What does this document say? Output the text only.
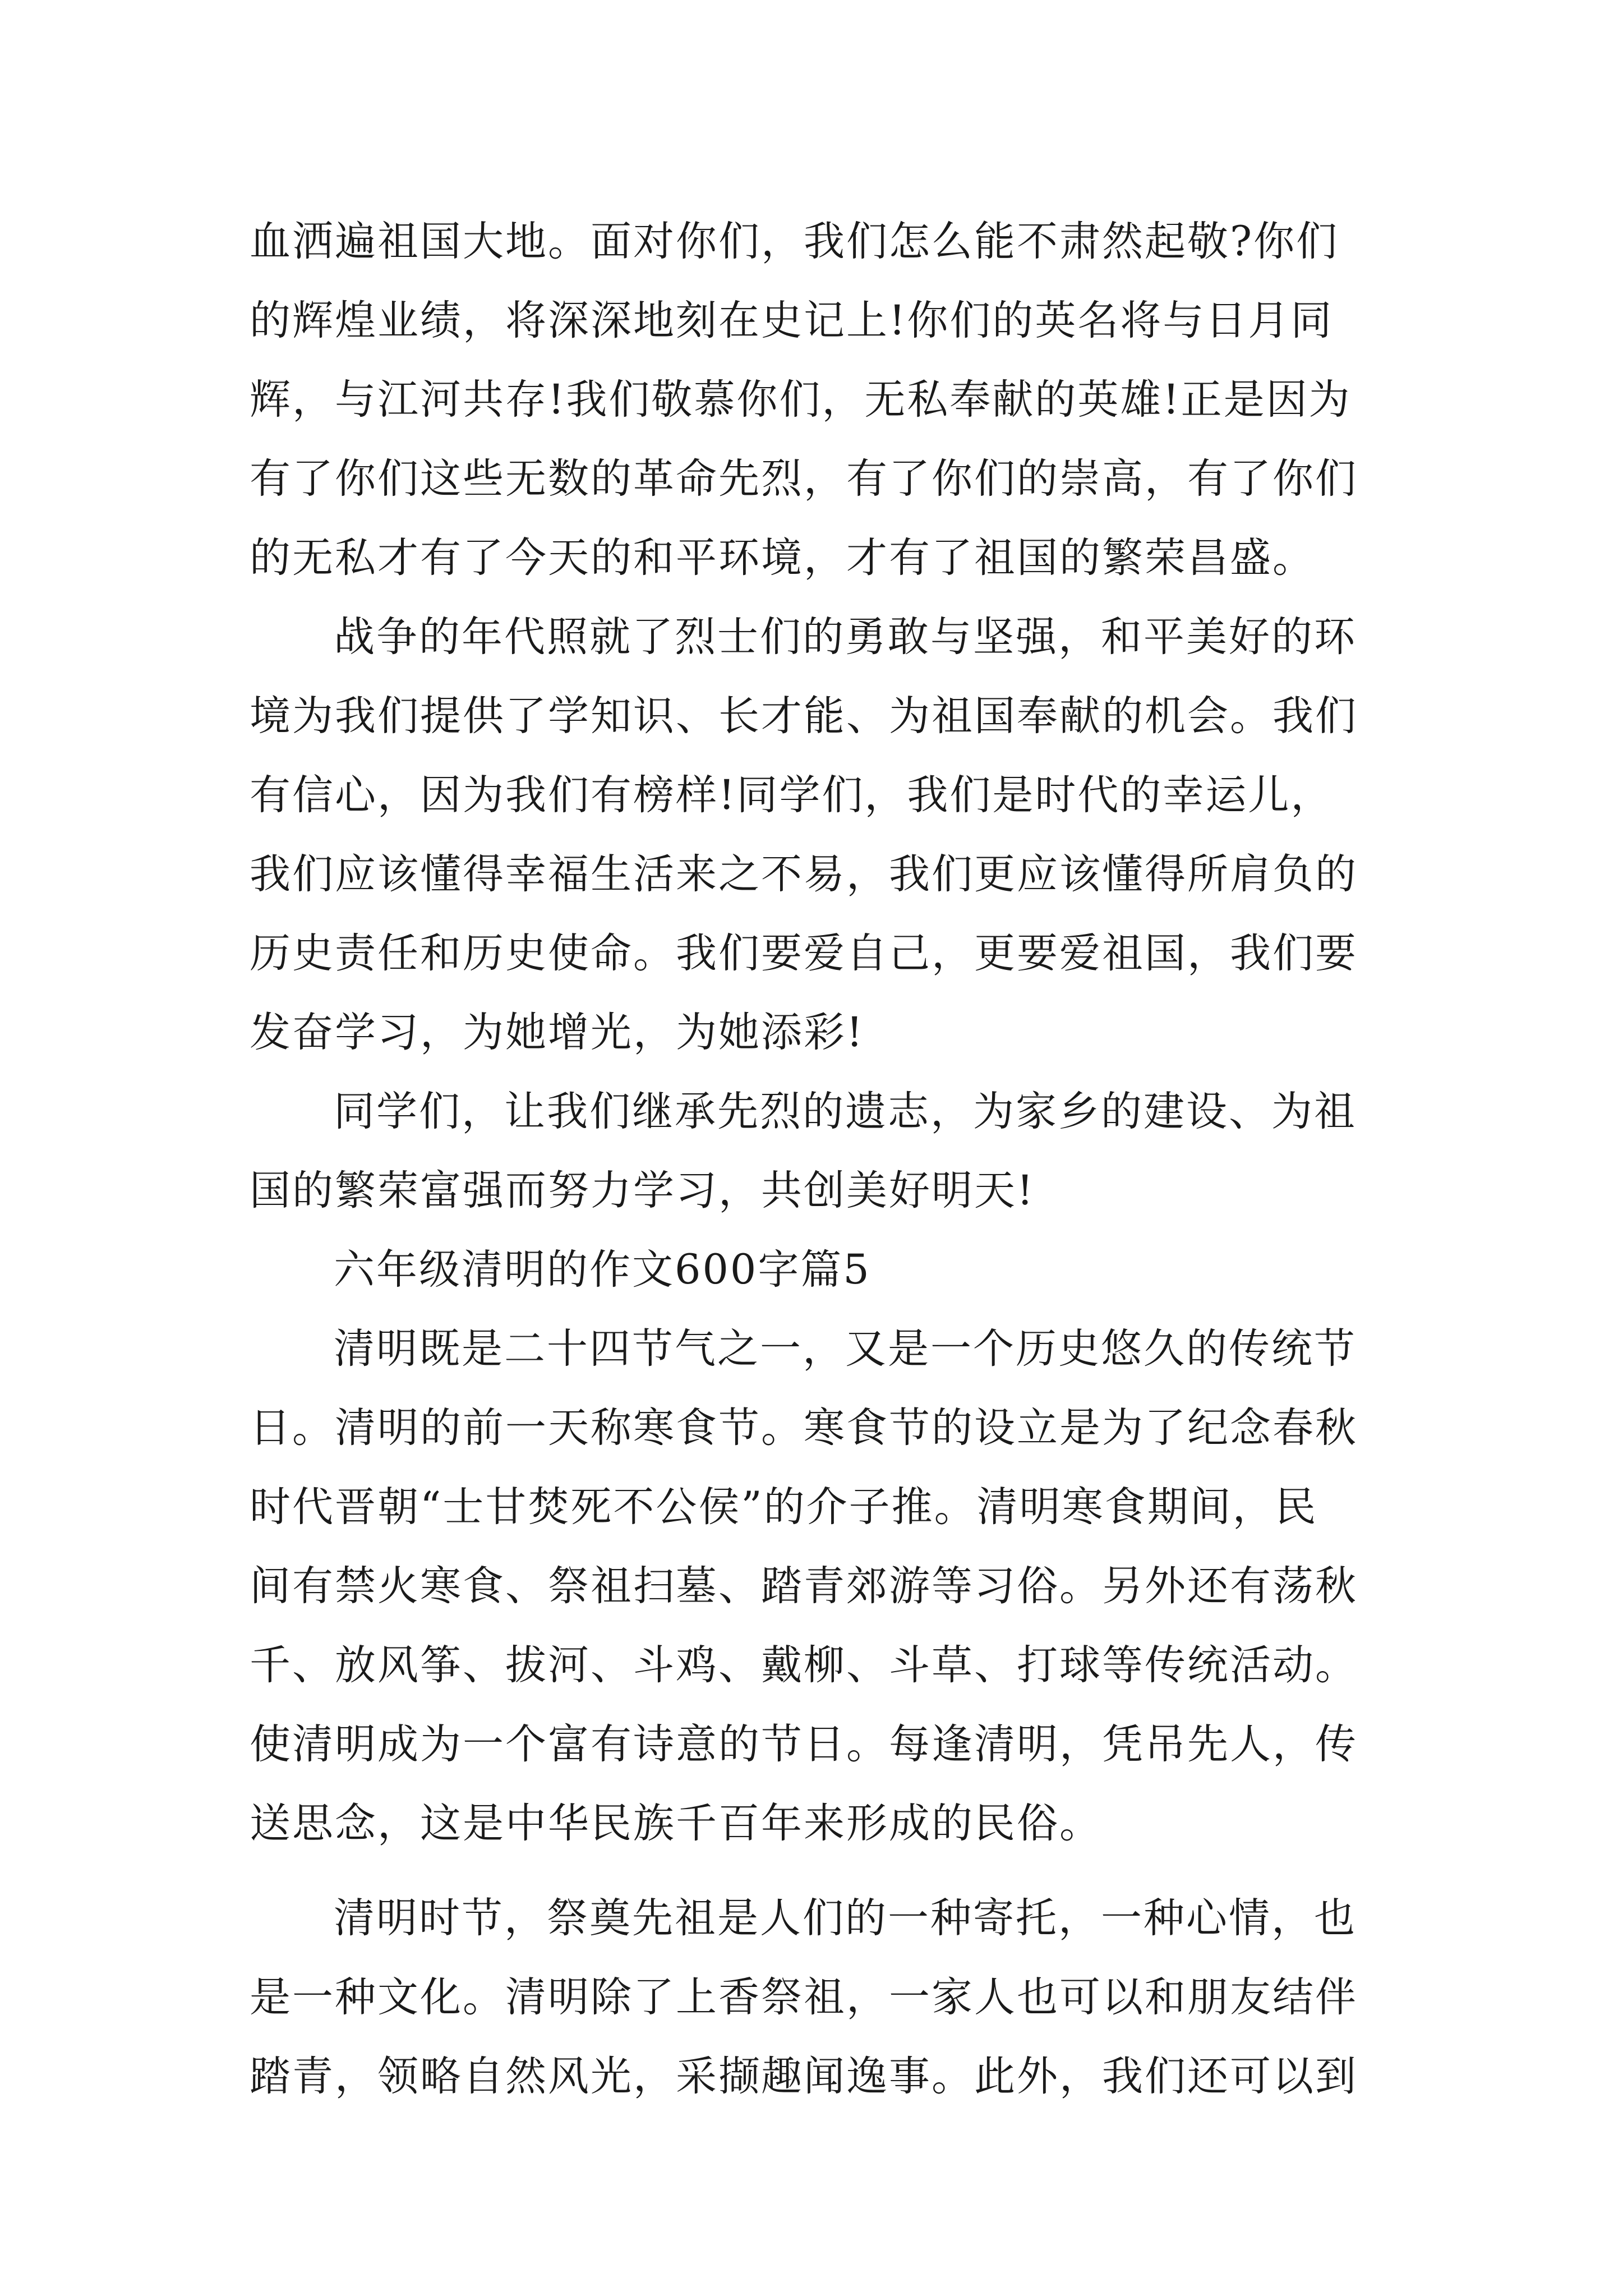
血洒遍祖国大地。面对你们，我们怎么能不肃然起敬?你们
的辉煌业绩，将深深地刻在史记上!你们的英名将与日月同
辉，与江河共存!我们敬慕你们，无私奉献的英雄!正是因为
有了你们这些无数的革命先烈，有了你们的崇高，有了你们
的无私才有了今天的和平环境，才有了祖国的繁荣昌盛。
战争的年代照就了烈士们的勇敢与坚强，和平美好的环
境为我们提供了学知识、长才能、为祖国奉献的机会。我们
有信心，因为我们有榜样!同学们，我们是时代的幸运儿，
我们应该懂得幸福生活来之不易，我们更应该懂得所肩负的
历史责任和历史使命。我们要爱自己，更要爱祖国，我们要
发奋学习，为她增光，为她添彩!
同学们，让我们继承先烈的遗志，为家乡的建设、为祖
国的繁荣富强而努力学习，共创美好明天!
六年级清明的作文600字篇5
清明既是二十四节气之一，又是一个历史悠久的传统节
日。清明的前一天称寒食节。寒食节的设立是为了纪念春秋
时代晋朝“士甘焚死不公侯”的介子推。清明寒食期间，民
间有禁火寒食、祭祖扫墓、踏青郊游等习俗。另外还有荡秋
千、放风筝、拔河、斗鸡、戴柳、斗草、打球等传统活动。
使清明成为一个富有诗意的节日。每逢清明，凭吊先人，传
送思念，这是中华民族千百年来形成的民俗。
清明时节，祭奠先祖是人们的一种寄托，一种心情，也
是一种文化。清明除了上香祭祖，一家人也可以和朋友结伴
踏青，领略自然风光，采撷趣闻逸事。此外，我们还可以到
